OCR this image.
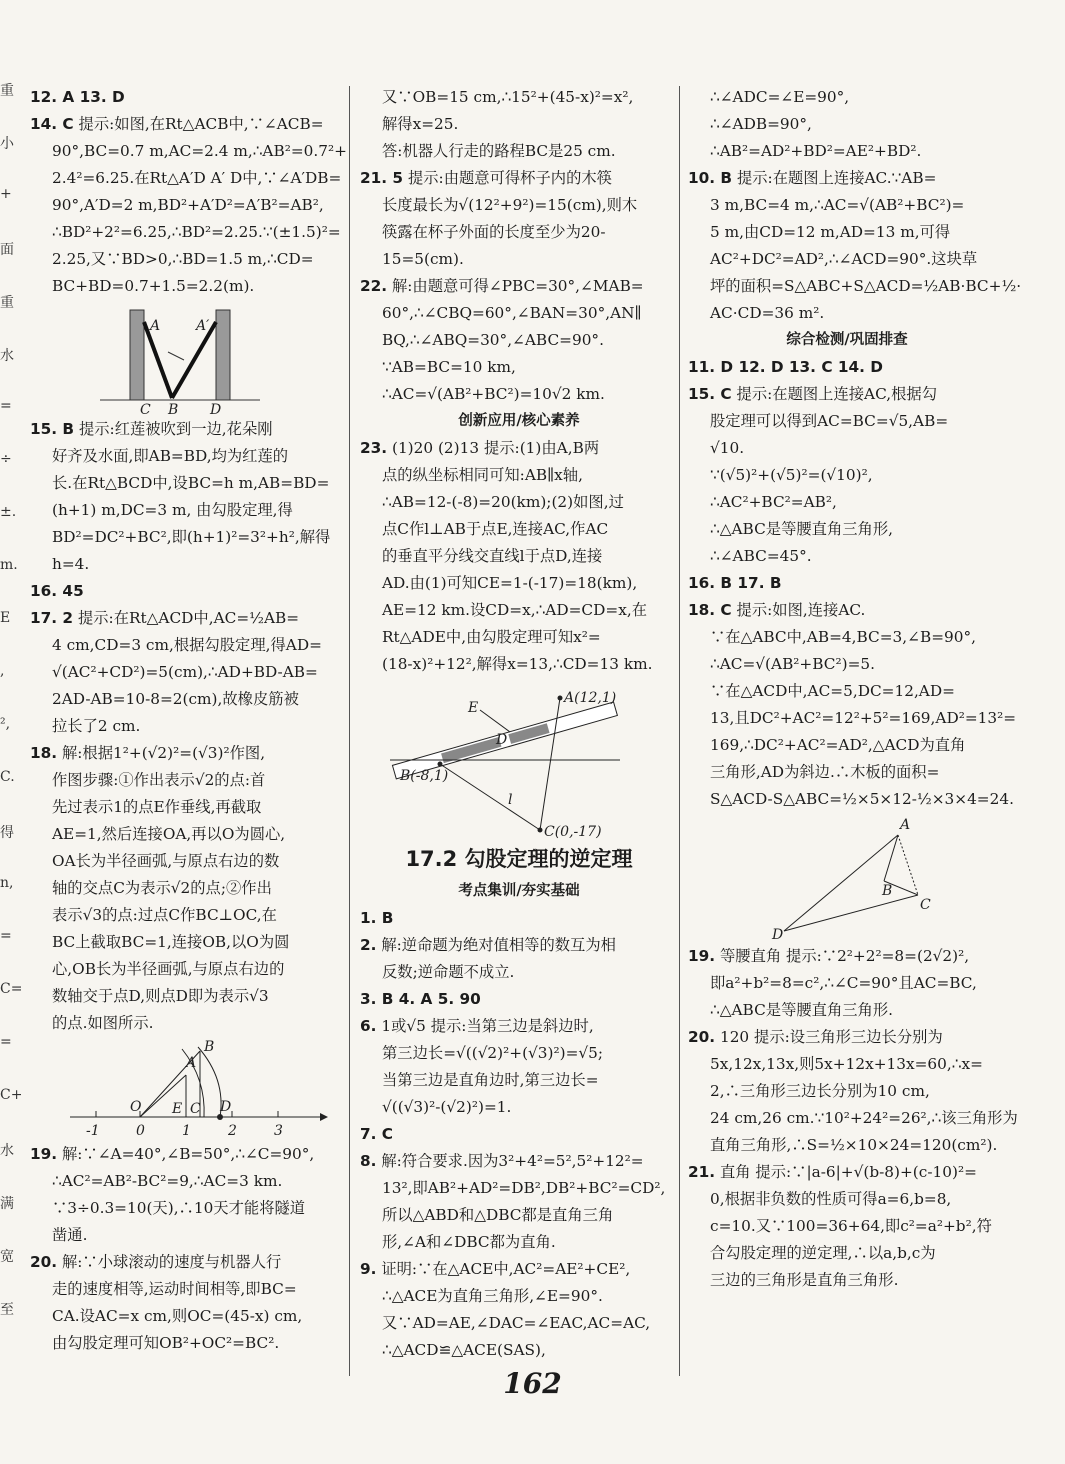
重
小
+
面
重
水
=
÷
±.
m.
E
,
²,
C.
得
n,
=
C=
=
C+
水
满
宽
至
12. A 13. D
14. C 提示:如图,在Rt△ACB中,∵∠ACB=
90°,BC=0.7 m,AC=2.4 m,∴AB²=0.7²+
2.4²=6.25.在Rt△A′D A′ D中,∵∠A′DB=
90°,A′D=2 m,BD²+A′D²=A′B²=AB²,
∴BD²+2²=6.25,∴BD²=2.25.∵(±1.5)²=
2.25,又∵BD>0,∴BD=1.5 m,∴CD=
BC+BD=0.7+1.5=2.2(m).
A	A′
C B D
15. B 提示:红莲被吹到一边,花朵刚
好齐及水面,即AB=BD,均为红莲的
长.在Rt△BCD中,设BC=h m,AB=BD=
(h+1) m,DC=3 m, 由勾股定理,得
BD²=DC²+BC²,即(h+1)²=3²+h²,解得
h=4.
16. 45
17. 2 提示:在Rt△ACD中,AC=½AB=
4 cm,CD=3 cm,根据勾股定理,得AD=
√(AC²+CD²)=5(cm),∴AD+BD-AB=
2AD-AB=10-8=2(cm),故橡皮筋被
拉长了2 cm.
18. 解:根据1²+(√2)²=(√3)²作图,
作图步骤:①作出表示√2的点:首
先过表示1的点E作垂线,再截取
AE=1,然后连接OA,再以O为圆心,
OA长为半径画弧,与原点右边的数
轴的交点C为表示√2的点;②作出
表示√3的点:过点C作BC⊥OC,在
BC上截取BC=1,连接OB,以O为圆
心,OB长为半径画弧,与原点右边的
数轴交于点D,则点D即为表示√3
的点.如图所示.
O
A
B
E C D
-1	0	1	2	3
19. 解:∵∠A=40°,∠B=50°,∴∠C=90°,
∴AC²=AB²-BC²=9,∴AC=3 km.
∵3÷0.3=10(天),∴10天才能将隧道
凿通.
20. 解:∵小球滚动的速度与机器人行
走的速度相等,运动时间相等,即BC=
CA.设AC=x cm,则OC=(45-x) cm,
由勾股定理可知OB²+OC²=BC².
又∵OB=15 cm,∴15²+(45-x)²=x²,
解得x=25.
答:机器人行走的路程BC是25 cm.
21. 5 提示:由题意可得杯子内的木筷
长度最长为√(12²+9²)=15(cm),则木
筷露在杯子外面的长度至少为20-
15=5(cm).
22. 解:由题意可得∠PBC=30°,∠MAB=
60°,∴∠CBQ=60°,∠BAN=30°,AN∥
BQ,∴∠ABQ=30°,∠ABC=90°.
∵AB=BC=10 km,
∴AC=√(AB²+BC²)=10√2 km.
创新应用/核心素养
23. (1)20 (2)13 提示:(1)由A,B两
点的纵坐标相同可知:AB∥x轴,
∴AB=12-(-8)=20(km);(2)如图,过
点C作l⊥AB于点E,连接AC,作AC
的垂直平分线交直线l于点D,连接
AD.由(1)可知CE=1-(-17)=18(km),
AE=12 km.设CD=x,∴AD=CD=x,在
Rt△ADE中,由勾股定理可知x²=
(18-x)²+12²,解得x=13,∴CD=13 km.
E
A(12,1)
D
B(-8,1)
l
C(0,-17)
17.2 勾股定理的逆定理
考点集训/夯实基础
1. B
2. 解:逆命题为绝对值相等的数互为相
反数;逆命题不成立.
3. B 4. A 5. 90
6. 1或√5 提示:当第三边是斜边时,
第三边长=√((√2)²+(√3)²)=√5;
当第三边是直角边时,第三边长=
√((√3)²-(√2)²)=1.
7. C
8. 解:符合要求.因为3²+4²=5²,5²+12²=
13²,即AB²+AD²=DB²,DB²+BC²=CD²,
所以△ABD和△DBC都是直角三角
形,∠A和∠DBC都为直角.
9. 证明:∵在△ACE中,AC²=AE²+CE²,
∴△ACE为直角三角形,∠E=90°.
又∵AD=AE,∠DAC=∠EAC,AC=AC,
∴△ACD≌△ACE(SAS),
∴∠ADC=∠E=90°,
∴∠ADB=90°,
∴AB²=AD²+BD²=AE²+BD².
10. B 提示:在题图上连接AC.∵AB=
3 m,BC=4 m,∴AC=√(AB²+BC²)=
5 m,由CD=12 m,AD=13 m,可得
AC²+DC²=AD²,∴∠ACD=90°.这块草
坪的面积=S△ABC+S△ACD=½AB·BC+½·
AC·CD=36 m².
综合检测/巩固排查
11. D 12. D 13. C 14. D
15. C 提示:在题图上连接AC,根据勾
股定理可以得到AC=BC=√5,AB=
√10.
∵(√5)²+(√5)²=(√10)²,
∴AC²+BC²=AB²,
∴△ABC是等腰直角三角形,
∴∠ABC=45°.
16. B 17. B
18. C 提示:如图,连接AC.
∵在△ABC中,AB=4,BC=3,∠B=90°,
∴AC=√(AB²+BC²)=5.
∵在△ACD中,AC=5,DC=12,AD=
13,且DC²+AC²=12²+5²=169,AD²=13²=
169,∴DC²+AC²=AD²,△ACD为直角
三角形,AD为斜边.∴木板的面积=
S△ACD-S△ABC=½×5×12-½×3×4=24.
A
B
C
D
19. 等腰直角 提示:∵2²+2²=8=(2√2)²,
即a²+b²=8=c²,∴∠C=90°且AC=BC,
∴△ABC是等腰直角三角形.
20. 120 提示:设三角形三边长分别为
5x,12x,13x,则5x+12x+13x=60,∴x=
2,∴三角形三边长分别为10 cm,
24 cm,26 cm.∵10²+24²=26²,∴该三角形为
直角三角形,∴S=½×10×24=120(cm²).
21. 直角 提示:∵|a-6|+√(b-8)+(c-10)²=
0,根据非负数的性质可得a=6,b=8,
c=10.又∵100=36+64,即c²=a²+b²,符
合勾股定理的逆定理,∴以a,b,c为
三边的三角形是直角三角形.
162
